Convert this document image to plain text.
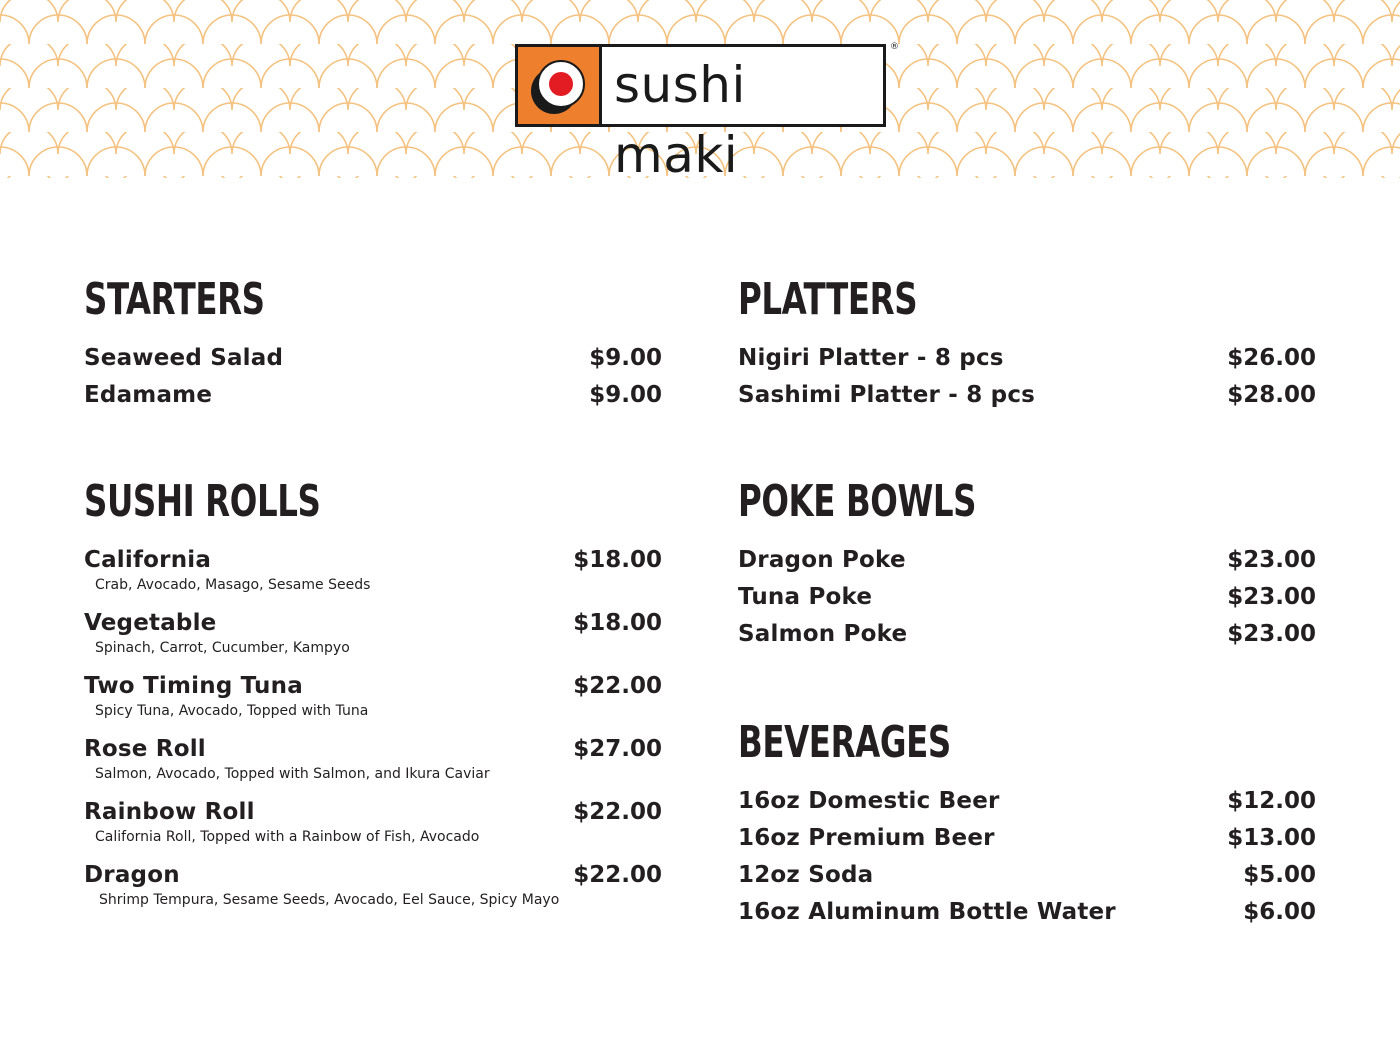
sushi maki
®
STARTERS
Seaweed Salad	$9.00
Edamame	$9.00
SUSHI ROLLS
California	$18.00
Crab, Avocado, Masago, Sesame Seeds
Vegetable	$18.00
Spinach, Carrot, Cucumber, Kampyo
Two Timing Tuna	$22.00
Spicy Tuna, Avocado, Topped with Tuna
Rose Roll	$27.00
Salmon, Avocado, Topped with Salmon, and Ikura Caviar
Rainbow Roll	$22.00
California Roll, Topped with a Rainbow of Fish, Avocado
Dragon	$22.00
Shrimp Tempura, Sesame Seeds, Avocado, Eel Sauce, Spicy Mayo
PLATTERS
Nigiri Platter - 8 pcs	$26.00
Sashimi Platter - 8 pcs	$28.00
POKE BOWLS
Dragon Poke	$23.00
Tuna Poke	$23.00
Salmon Poke	$23.00
BEVERAGES
16oz Domestic Beer	$12.00
16oz Premium Beer	$13.00
12oz Soda	$5.00
16oz Aluminum Bottle Water	$6.00
